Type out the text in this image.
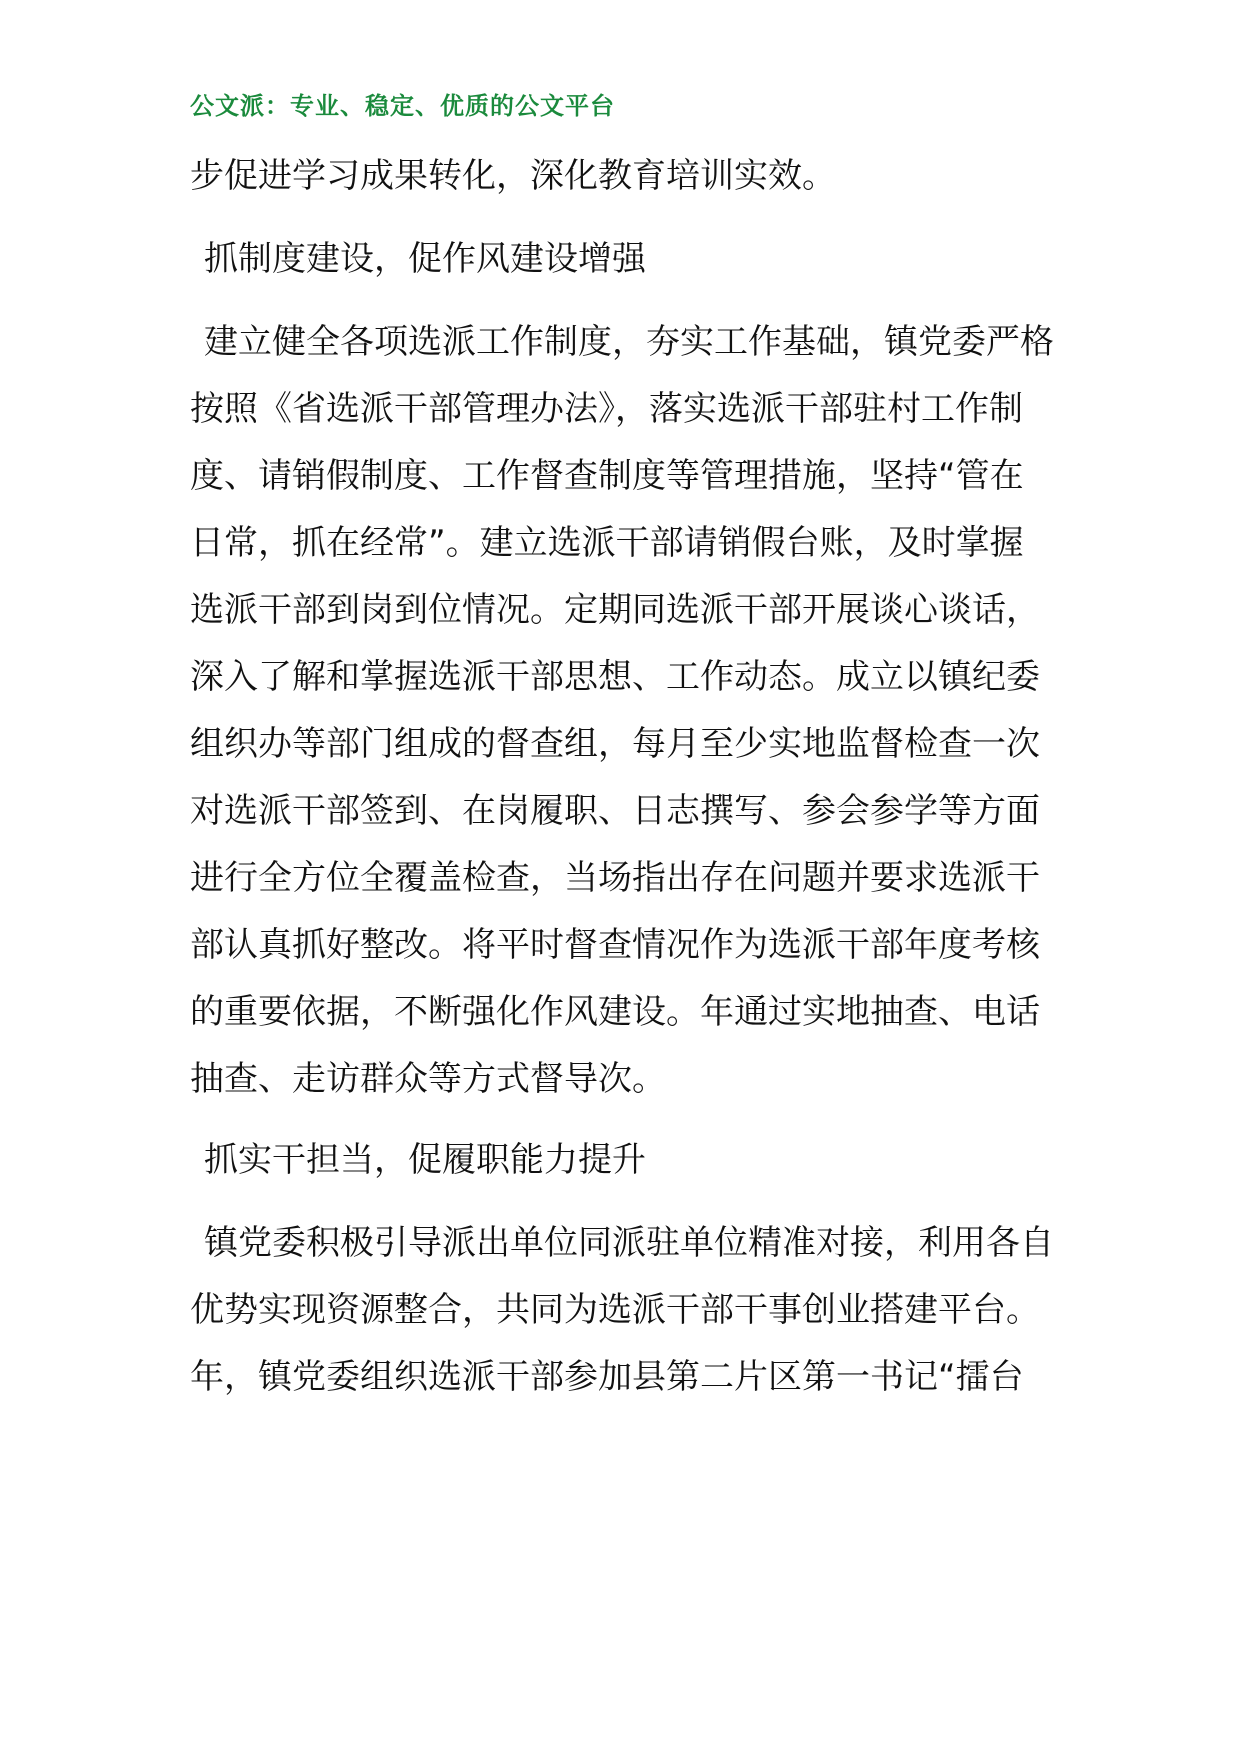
公文派：专业、稳定、优质的公文平台
步促进学习成果转化，深化教育培训实效。
抓制度建设，促作风建设增强
建立健全各项选派工作制度，夯实工作基础，镇党委严格
按照《省选派干部管理办法》，落实选派干部驻村工作制
度、请销假制度、工作督查制度等管理措施，坚持“管在
日常，抓在经常”。建立选派干部请销假台账，及时掌握
选派干部到岗到位情况。定期同选派干部开展谈心谈话，
深入了解和掌握选派干部思想、工作动态。成立以镇纪委
组织办等部门组成的督查组，每月至少实地监督检查一次
对选派干部签到、在岗履职、日志撰写、参会参学等方面
进行全方位全覆盖检查，当场指出存在问题并要求选派干
部认真抓好整改。将平时督查情况作为选派干部年度考核
的重要依据，不断强化作风建设。年通过实地抽查、电话
抽查、走访群众等方式督导次。
抓实干担当，促履职能力提升
镇党委积极引导派出单位同派驻单位精准对接，利用各自
优势实现资源整合，共同为选派干部干事创业搭建平台。
年，镇党委组织选派干部参加县第二片区第一书记“擂台
